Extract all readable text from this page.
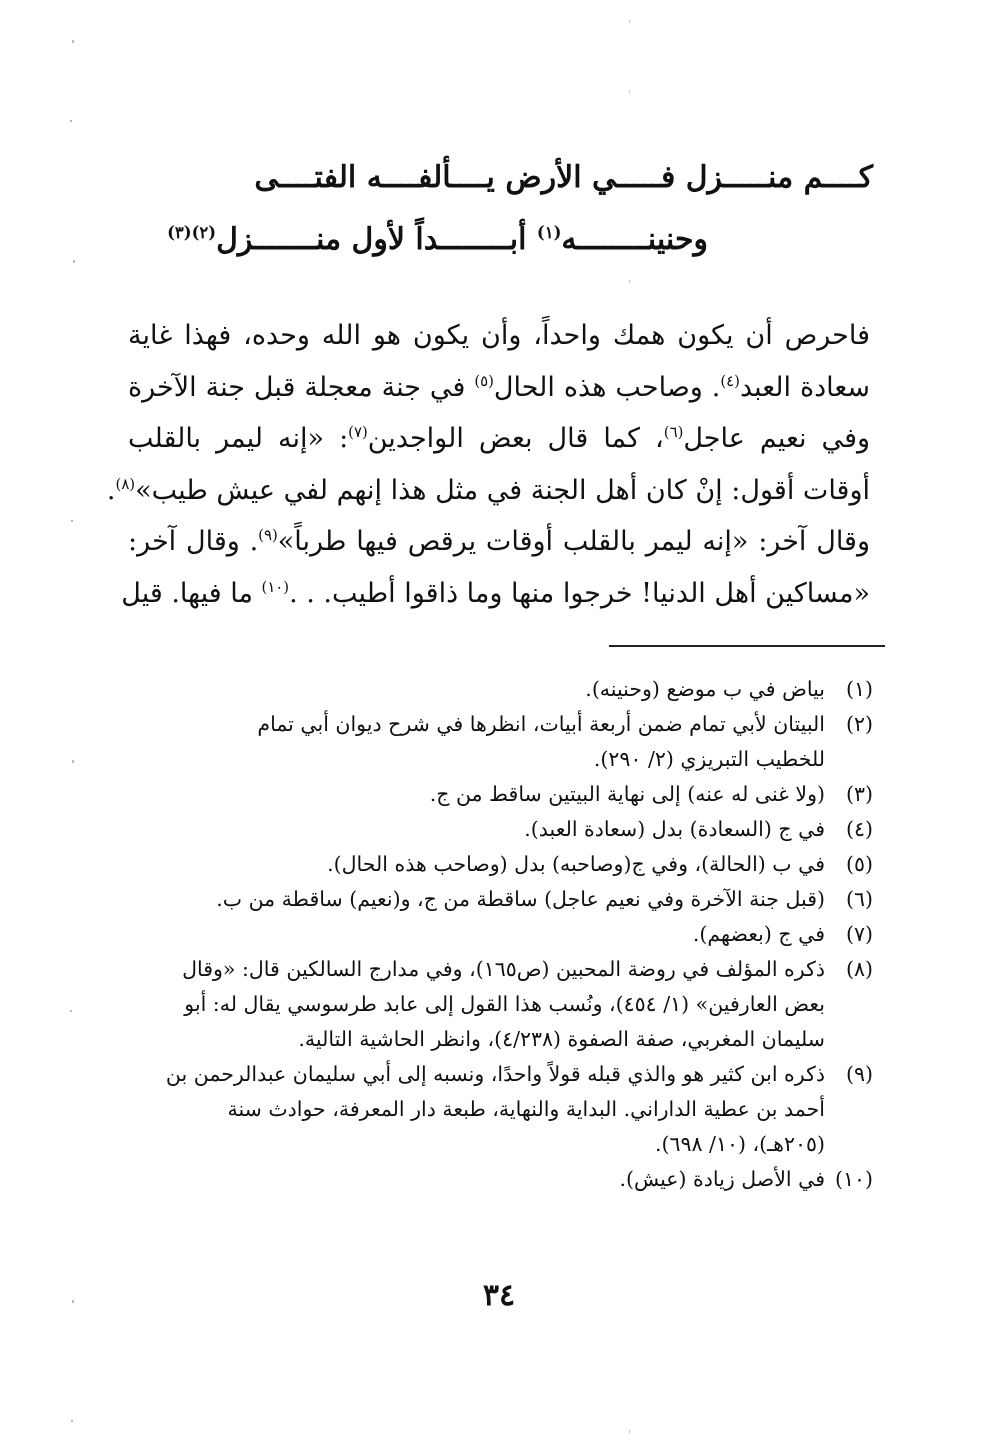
كــــم منـــــزل فـــــي الأرض يــــألفــــه الفتــــى
وحنينــــــــه$^{(١)}$ أبــــــــداً لأول منـــــــزل$^{(٢)(٣)}$
فاحرص أن يكون همك واحداً، وأن يكون هو الله وحده، فهذا غاية
سعادة العبد$^{(٤)}$. وصاحب هذه الحال$^{(٥)}$ في جنة معجلة قبل جنة الآخرة
وفي نعيم عاجل$^{(٦)}$، كما قال بعض الواجدين$^{(٧)}$: «إنه ليمر بالقلب
أوقات أقول: إنْ كان أهل الجنة في مثل هذا إنهم لفي عيش طيب»$^{(٨)}$.
وقال آخر: «إنه ليمر بالقلب أوقات يرقص فيها طرباً»$^{(٩)}$. وقال آخر:
«مساكين أهل الدنيا! خرجوا منها وما ذاقوا أطيب. . .$^{(١٠)}$ ما فيها. قيل
(١)
بياض في ب موضع (وحنينه).
(٢)
البيتان لأبي تمام ضمن أربعة أبيات، انظرها في شرح ديوان أبي تمام
للخطيب التبريزي (٢/ ٢٩٠).
(٣)
(ولا غنى له عنه) إلى نهاية البيتين ساقط من ج.
(٤)
في ج (السعادة) بدل (سعادة العبد).
(٥)
في ب (الحالة)، وفي ج(وصاحبه) بدل (وصاحب هذه الحال).
(٦)
(قبل جنة الآخرة وفي نعيم عاجل) ساقطة من ج، و(نعيم) ساقطة من ب.
(٧)
في ج (بعضهم).
(٨)
ذكره المؤلف في روضة المحبين (ص١٦٥)، وفي مدارج السالكين قال: «وقال
بعض العارفين» (١/ ٤٥٤)، ونُسب هذا القول إلى عابد طرسوسي يقال له: أبو
سليمان المغربي، صفة الصفوة (٤/٢٣٨)، وانظر الحاشية التالية.
(٩)
ذكره ابن كثير هو والذي قبله قولاً واحدًا، ونسبه إلى أبي سليمان عبدالرحمن بن
أحمد بن عطية الداراني. البداية والنهاية، طبعة دار المعرفة، حوادث سنة
(٢٠٥هـ)، (١٠/ ٦٩٨).
(١٠)
في الأصل زيادة (عيش).
٣٤
